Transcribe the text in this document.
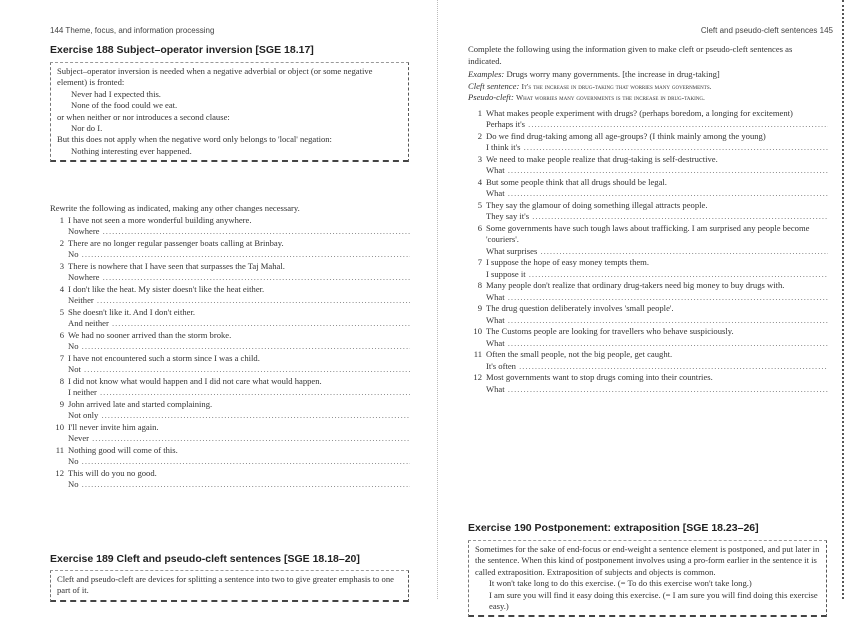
144 Theme, focus, and information processing
Exercise 188 Subject–operator inversion [SGE 18.17]
Subject–operator inversion is needed when a negative adverbial or object (or some negative element) is fronted:
Never had I expected this.
None of the food could we eat.
or when neither or nor introduces a second clause:
Nor do I.
But this does not apply when the negative word only belongs to 'local' negation:
Nothing interesting ever happened.
Rewrite the following as indicated, making any other changes necessary.
1 I have not seen a more wonderful building anywhere.
Nowhere .....
2 There are no longer regular passenger boats calling at Brinbay.
No .....
3 There is nowhere that I have seen that surpasses the Taj Mahal.
Nowhere .....
4 I don't like the heat. My sister doesn't like the heat either.
Neither .....
5 She doesn't like it. And I don't either.
And neither .....
6 We had no sooner arrived than the storm broke.
No .....
7 I have not encountered such a storm since I was a child.
Not .....
8 I did not know what would happen and I did not care what would happen.
I neither .....
9 John arrived late and started complaining.
Not only .....
10 I'll never invite him again.
Never .....
11 Nothing good will come of this.
No .....
12 This will do you no good.
No .....
Exercise 189 Cleft and pseudo-cleft sentences [SGE 18.18–20]
Cleft and pseudo-cleft are devices for splitting a sentence into two to give greater emphasis to one part of it.
Cleft and pseudo-cleft sentences 145
Complete the following using the information given to make cleft or pseudo-cleft sentences as indicated.
Examples: Drugs worry many governments. [the increase in drug-taking]
Cleft sentence: It's the increase in drug-taking that worries many governments.
Pseudo-cleft: What worries many governments is the increase in drug-taking.
1 What makes people experiment with drugs? (perhaps boredom, a longing for excitement)
Perhaps it's .....
2 Do we find drug-taking among all age-groups? (I think mainly among the young)
I think it's .....
3 We need to make people realize that drug-taking is self-destructive.
What .....
4 But some people think that all drugs should be legal.
What .....
5 They say the glamour of doing something illegal attracts people.
They say it's .....
6 Some governments have such tough laws about trafficking. I am surprised any people become 'couriers'.
What surprises .....
7 I suppose the hope of easy money tempts them.
I suppose it .....
8 Many people don't realize that ordinary drug-takers need big money to buy drugs with.
What .....
9 The drug question deliberately involves 'small people'.
What .....
10 The Customs people are looking for travellers who behave suspiciously.
What .....
11 Often the small people, not the big people, get caught.
It's often .....
12 Most governments want to stop drugs coming into their countries.
What .....
Exercise 190 Postponement: extraposition [SGE 18.23–26]
Sometimes for the sake of end-focus or end-weight a sentence element is postponed, and put later in the sentence. When this kind of postponement involves using a pro-form earlier in the sentence it is called extraposition. Extraposition of subjects and objects is common.
It won't take long to do this exercise. (= To do this exercise won't take long.)
I am sure you will find it easy doing this exercise. (= I am sure you will find doing this exercise easy.)
